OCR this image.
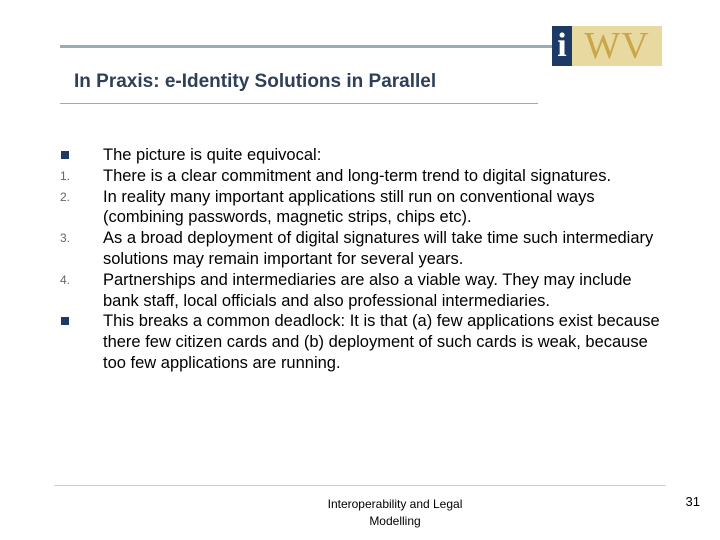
i WV
In Praxis: e-Identity Solutions in Parallel
The picture is quite equivocal:
1.	There is a clear commitment and long-term trend to digital signatures.
2.	In reality many important applications still run on conventional ways (combining passwords, magnetic strips, chips etc).
3.	As a broad deployment of digital signatures will take time such intermediary solutions may remain important for several years.
4.	Partnerships and intermediaries are also a viable way. They may include bank staff, local officials and also professional intermediaries.
This breaks a common deadlock: It is that (a) few applications exist because there few citizen cards and (b) deployment of such cards is weak, because too few applications are running.
Interoperability and Legal
Modelling
31
